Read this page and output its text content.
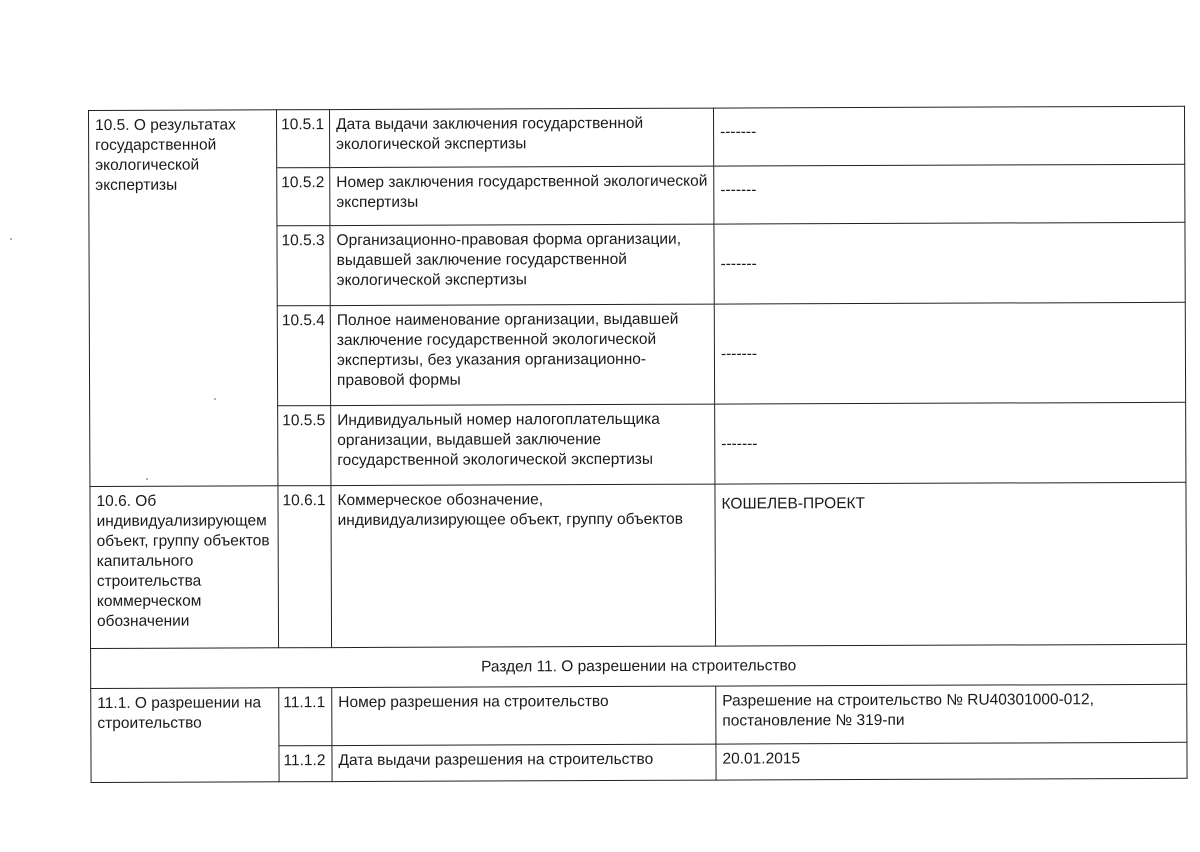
10.5. О результатах государственной экологической экспертизы	10.5.1	Дата выдачи заключения государственной экологической экспертизы	-------
	10.5.2	Номер заключения государственной экологической экспертизы	-------
	10.5.3	Организационно-правовая форма организации, выдавшей заключение государственной экологической экспертизы	-------
	10.5.4	Полное наименование организации, выдавшей заключение государственной экологической экспертизы, без указания организационно-правовой формы	-------
	10.5.5	Индивидуальный номер налогоплательщика организации, выдавшей заключение государственной экологической экспертизы	-------
10.6. Об индивидуализирующем объект, группу объектов капитального строительства коммерческом обозначении	10.6.1	Коммерческое обозначение, индивидуализирующее объект, группу объектов	КОШЕЛЕВ-ПРОЕКТ
Раздел 11. О разрешении на строительство			
11.1. О разрешении на строительство	11.1.1	Номер разрешения на строительство	Разрешение на строительство № RU40301000-012, постановление № 319-пи
	11.1.2	Дата выдачи разрешения на строительство	20.01.2015
